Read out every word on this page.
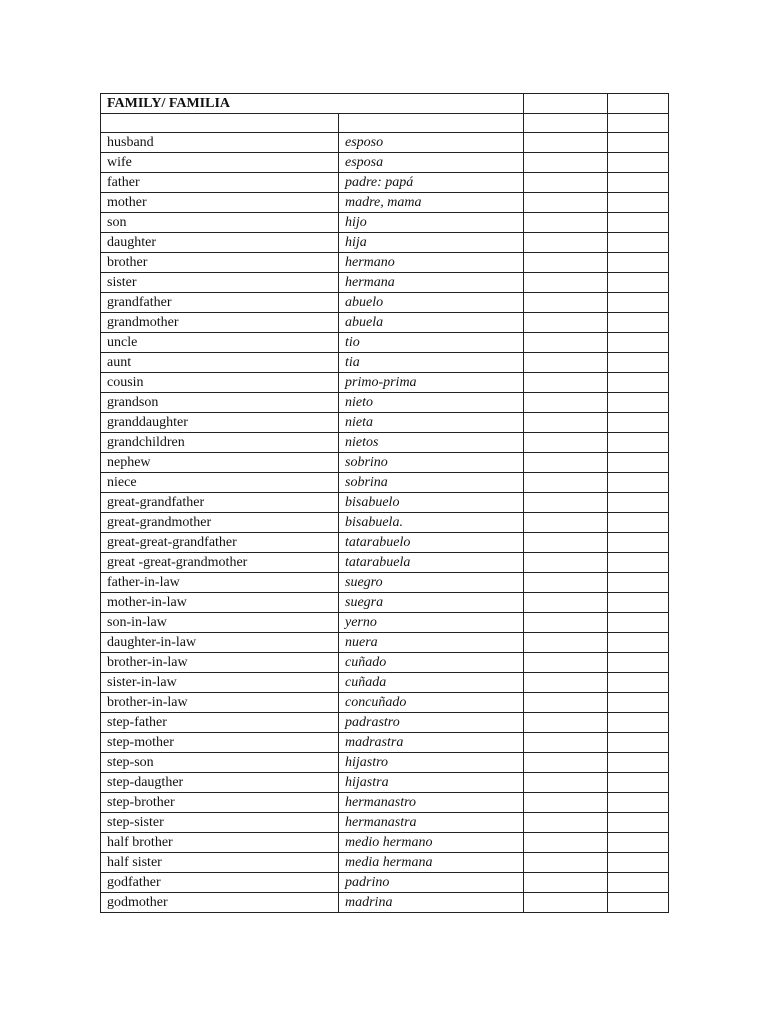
FAMILY/ FAMILIA			

husband	esposo		
wife	esposa		
father	padre: papá		
mother	madre, mama		
son	hijo		
daughter	hija		
brother	hermano		
sister	hermana		
grandfather	abuelo		
grandmother	abuela		
uncle	tio		
aunt	tia		
cousin	primo-prima		
grandson	nieto		
granddaughter	nieta		
grandchildren	nietos		
nephew	sobrino		
niece	sobrina		
great-grandfather	bisabuelo		
great-grandmother	bisabuela.		
great-great-grandfather	tatarabuelo		
great -great-grandmother	tatarabuela		
father-in-law	suegro		
mother-in-law	suegra		
son-in-law	yerno		
daughter-in-law	nuera		
brother-in-law	cuñado		
sister-in-law	cuñada		
brother-in-law	concuñado		
step-father	padrastro		
step-mother	madrastra		
step-son	hijastro		
step-daugther	hijastra		
step-brother	hermanastro		
step-sister	hermanastra		
half brother	medio hermano		
half sister	media hermana		
godfather	padrino		
godmother	madrina		
